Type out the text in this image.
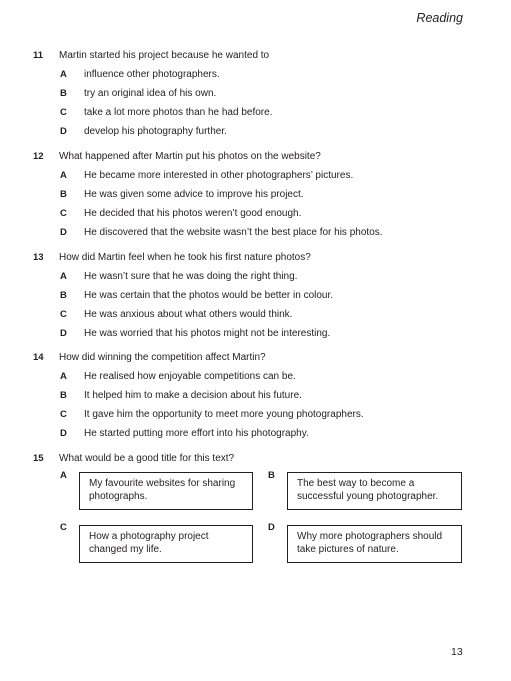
Reading
11 Martin started his project because he wanted to
A influence other photographers.
B try an original idea of his own.
C take a lot more photos than he had before.
D develop his photography further.
12 What happened after Martin put his photos on the website?
A He became more interested in other photographers’ pictures.
B He was given some advice to improve his project.
C He decided that his photos weren’t good enough.
D He discovered that the website wasn’t the best place for his photos.
13 How did Martin feel when he took his first nature photos?
A He wasn’t sure that he was doing the right thing.
B He was certain that the photos would be better in colour.
C He was anxious about what others would think.
D He was worried that his photos might not be interesting.
14 How did winning the competition affect Martin?
A He realised how enjoyable competitions can be.
B It helped him to make a decision about his future.
C It gave him the opportunity to meet more young photographers.
D He started putting more effort into his photography.
15 What would be a good title for this text?
A
My favourite websites for sharing
photographs.
B
The best way to become a
successful young photographer.
C
How a photography project
changed my life.
D
Why more photographers should
take pictures of nature.
13
